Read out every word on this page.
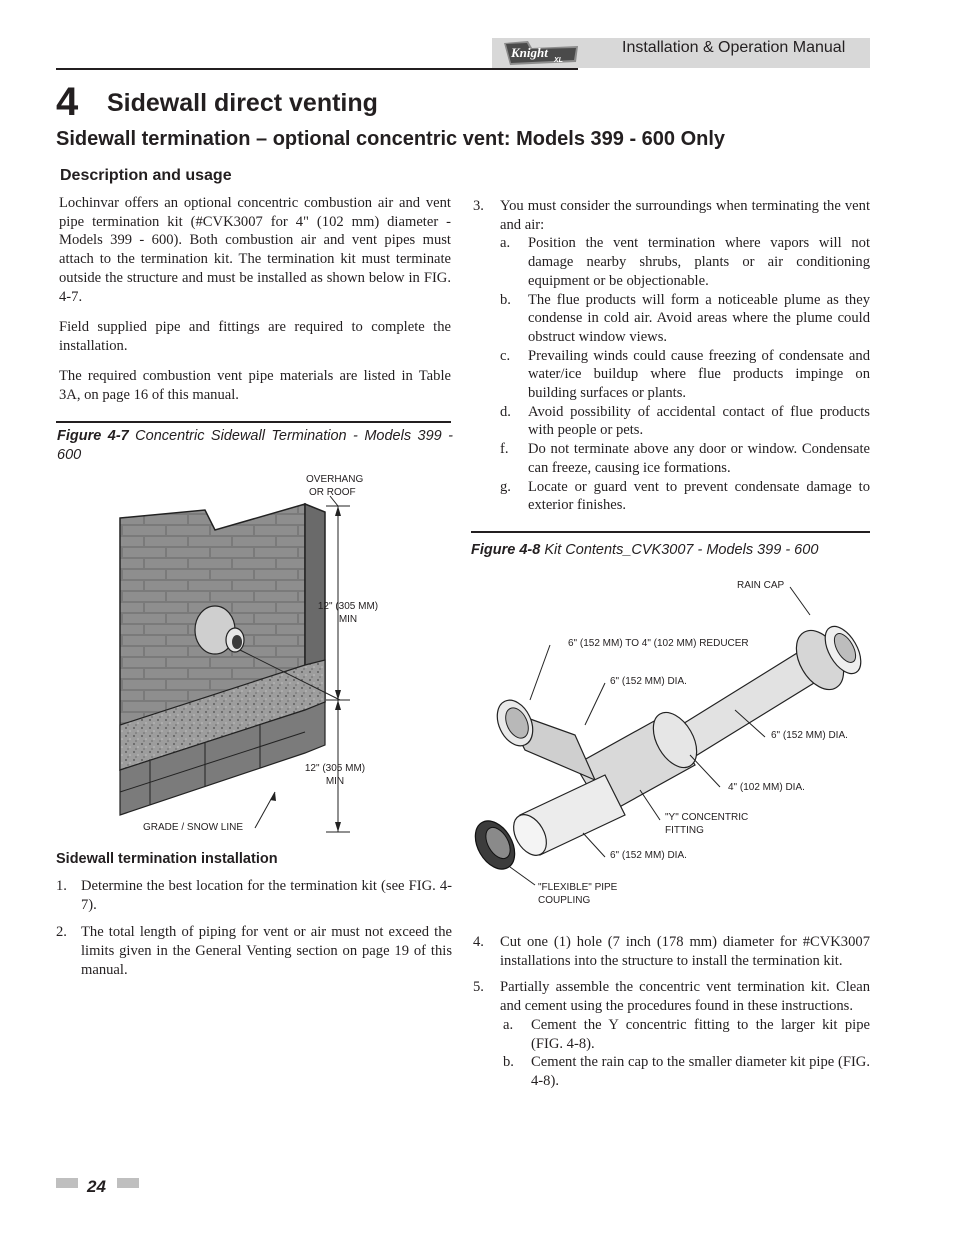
Knight
XL
Installation & Operation Manual
4 Sidewall direct venting
Sidewall termination – optional concentric vent: Models 399 - 600 Only
Description and usage
Lochinvar offers an optional concentric combustion air and vent pipe termination kit (#CVK3007 for 4" (102 mm) diameter - Models 399 - 600). Both combustion air and vent pipes must attach to the termination kit. The termination kit must terminate outside the structure and must be installed as shown below in FIG. 4-7.
Field supplied pipe and fittings are required to complete the installation.
The required combustion vent pipe materials are listed in Table 3A, on page 16 of this manual.
Figure 4-7 Concentric Sidewall Termination - Models 399 - 600
OVERHANG
OR ROOF
12" (305 MM)
MIN
12" (305 MM)
MIN
GRADE / SNOW LINE
Sidewall termination installation
1. Determine the best location for the termination kit (see FIG. 4-7).
2. The total length of piping for vent or air must not exceed the limits given in the General Venting section on page 19 of this manual.
3. You must consider the surroundings when terminating the vent and air:
a. Position the vent termination where vapors will not damage nearby shrubs, plants or air conditioning equipment or be objectionable.
b. The flue products will form a noticeable plume as they condense in cold air. Avoid areas where the plume could obstruct window views.
c. Prevailing winds could cause freezing of condensate and water/ice buildup where flue products impinge on building surfaces or plants.
d. Avoid possibility of accidental contact of flue products with people or pets.
f. Do not terminate above any door or window. Condensate can freeze, causing ice formations.
g. Locate or guard vent to prevent condensate damage to exterior finishes.
Figure 4-8 Kit Contents_CVK3007 - Models 399 - 600
RAIN CAP
6" (152 MM) TO 4" (102 MM) REDUCER
6" (152 MM) DIA.
6" (152 MM) DIA.
4" (102 MM) DIA.
"Y" CONCENTRIC
FITTING
6" (152 MM) DIA.
"FLEXIBLE" PIPE
COUPLING
4. Cut one (1) hole (7 inch (178 mm) diameter for #CVK3007 installations into the structure to install the termination kit.
5. Partially assemble the concentric vent termination kit. Clean and cement using the procedures found in these instructions.
a. Cement the Y concentric fitting to the larger kit pipe (FIG. 4-8).
b. Cement the rain cap to the smaller diameter kit pipe (FIG. 4-8).
24
